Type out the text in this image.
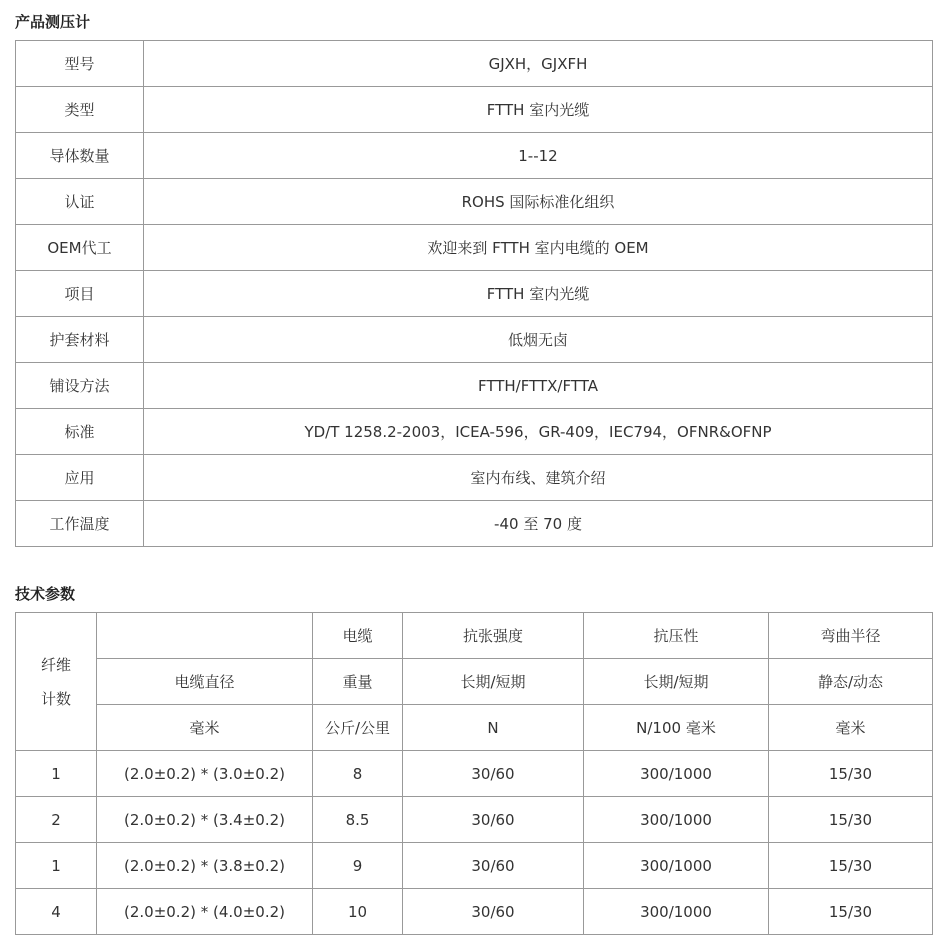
产品测压计
型号	GJXH，GJXFH
类型	FTTH 室内光缆
导体数量	1--12
认证	ROHS 国际标准化组织
OEM代工	欢迎来到 FTTH 室内电缆的 OEM
项目	FTTH 室内光缆
护套材料	低烟无卤
铺设方法	FTTH/FTTX/FTTA
标准	YD/T 1258.2-2003，ICEA-596，GR-409，IEC794，OFNR&OFNP
应用	室内布线、建筑介绍
工作温度	-40 至 70 度
技术参数
纤维
计数		电缆	抗张强度	抗压性	弯曲半径
	电缆直径	重量	长期/短期	长期/短期	静态/动态
	毫米	公斤/公里	N	N/100 毫米	毫米
1	(2.0±0.2) * (3.0±0.2)	8	30/60	300/1000	15/30
2	(2.0±0.2) * (3.4±0.2)	8.5	30/60	300/1000	15/30
1	(2.0±0.2) * (3.8±0.2)	9	30/60	300/1000	15/30
4	(2.0±0.2) * (4.0±0.2)	10	30/60	300/1000	15/30
